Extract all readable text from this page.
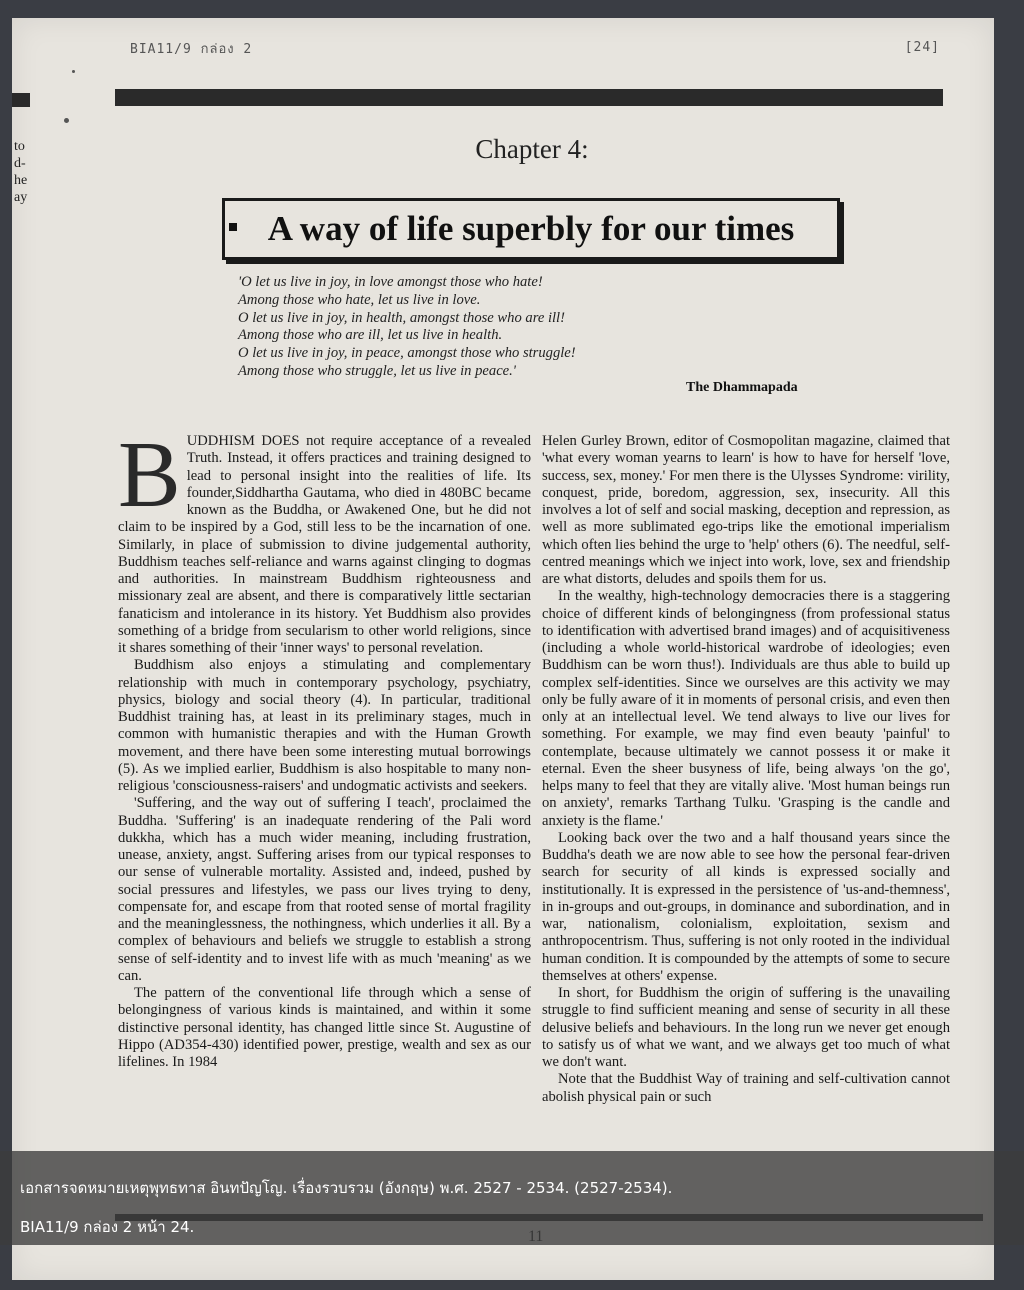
BIA11/9 กล่อง 2	[24]
to
d-
he
ay
Chapter 4:
A way of life superbly for our times
'O let us live in joy, in love amongst those who hate!
Among those who hate, let us live in love.
O let us live in joy, in health, amongst those who are ill!
Among those who are ill, let us live in health.
O let us live in joy, in peace, amongst those who struggle!
Among those who struggle, let us live in peace.'
The Dhammapada

BUDDHISM DOES not require acceptance of a revealed Truth. Instead, it offers practices and training designed to lead to personal insight into the realities of life. Its founder,Siddhartha Gautama, who died in 480BC became known as the Buddha, or Awakened One, but he did not claim to be inspired by a God, still less to be the incarnation of one. Similarly, in place of submission to divine judgemental authority, Buddhism teaches self-reliance and warns against clinging to dogmas and authorities. In mainstream Buddhism righteousness and missionary zeal are absent, and there is comparatively little sectarian fanaticism and intolerance in its history. Yet Buddhism also provides something of a bridge from secularism to other world religions, since it shares something of their 'inner ways' to personal revelation.

Buddhism also enjoys a stimulating and complementary relationship with much in contemporary psychology, psychiatry, physics, biology and social theory (4). In particular, traditional Buddhist training has, at least in its preliminary stages, much in common with humanistic therapies and with the Human Growth movement, and there have been some interesting mutual borrowings (5). As we implied earlier, Buddhism is also hospitable to many non-religious 'consciousness-raisers' and undogmatic activists and seekers.

'Suffering, and the way out of suffering I teach', proclaimed the Buddha. 'Suffering' is an inadequate rendering of the Pali word dukkha, which has a much wider meaning, including frustration, unease, anxiety, angst. Suffering arises from our typical responses to our sense of vulnerable mortality. Assisted and, indeed, pushed by social pressures and lifestyles, we pass our lives trying to deny, compensate for, and escape from that rooted sense of mortal fragility and the meaninglessness, the nothingness, which underlies it all. By a complex of behaviours and beliefs we struggle to establish a strong sense of self-identity and to invest life with as much 'meaning' as we can.

The pattern of the conventional life through which a sense of belongingness of various kinds is maintained, and within it some distinctive personal identity, has changed little since St. Augustine of Hippo (AD354-430) identified power, prestige, wealth and sex as our lifelines. In 1984

Helen Gurley Brown, editor of Cosmopolitan magazine, claimed that 'what every woman yearns to learn' is how to have for herself 'love, success, sex, money.' For men there is the Ulysses Syndrome: virility, conquest, pride, boredom, aggression, sex, insecurity. All this involves a lot of self and social masking, deception and repression, as well as more sublimated ego-trips like the emotional imperialism which often lies behind the urge to 'help' others (6). The needful, self-centred meanings which we inject into work, love, sex and friendship are what distorts, deludes and spoils them for us.

In the wealthy, high-technology democracies there is a staggering choice of different kinds of belongingness (from professional status to identification with advertised brand images) and of acquisitiveness (including a whole world-historical wardrobe of ideologies; even Buddhism can be worn thus!). Individuals are thus able to build up complex self-identities. Since we ourselves are this activity we may only be fully aware of it in moments of personal crisis, and even then only at an intellectual level. We tend always to live our lives for something. For example, we may find even beauty 'painful' to contemplate, because ultimately we cannot possess it or make it eternal. Even the sheer busyness of life, being always 'on the go', helps many to feel that they are vitally alive. 'Most human beings run on anxiety', remarks Tarthang Tulku. 'Grasping is the candle and anxiety is the flame.'

Looking back over the two and a half thousand years since the Buddha's death we are now able to see how the personal fear-driven search for security of all kinds is expressed socially and institutionally. It is expressed in the persistence of 'us-and-themness', in in-groups and out-groups, in dominance and subordination, and in war, nationalism, colonialism, exploitation, sexism and anthropocentrism. Thus, suffering is not only rooted in the individual human condition. It is compounded by the attempts of some to secure themselves at others' expense.

In short, for Buddhism the origin of suffering is the unavailing struggle to find sufficient meaning and sense of security in all these delusive beliefs and behaviours. In the long run we never get enough to satisfy us of what we want, and we always get too much of what we don't want.

Note that the Buddhist Way of training and self-cultivation cannot abolish physical pain or such

เอกสารจดหมายเหตุพุทธทาส อินทปัญโญ. เรื่องรวบรวม (อังกฤษ) พ.ศ. 2527 - 2534. (2527-2534).
BIA11/9 กล่อง 2 หน้า 24.
